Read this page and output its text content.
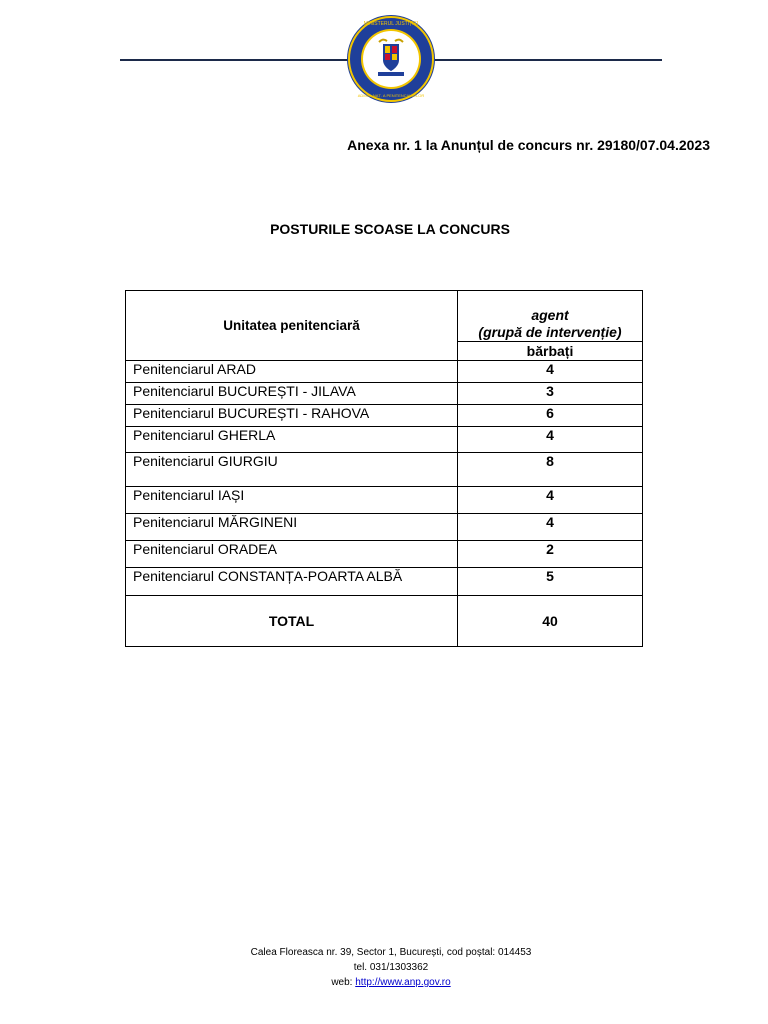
MINISTERUL JUSTIȚIEI
ADMIN. NAȚ. A PENITENCIARELOR
Anexa nr. 1 la Anunțul de concurs nr. 29180/07.04.2023
POSTURILE SCOASE LA CONCURS
Unitatea penitenciară	agent
(grupă de intervenție)

	bărbați
Penitenciarul ARAD	4
Penitenciarul BUCUREȘTI - JILAVA	3
Penitenciarul BUCUREȘTI - RAHOVA	6
Penitenciarul GHERLA	4
Penitenciarul GIURGIU	8
Penitenciarul IAȘI	4
Penitenciarul MĂRGINENI	4
Penitenciarul ORADEA	2
Penitenciarul CONSTANȚA-POARTA ALBĂ	5
TOTAL	40
Calea Floreasca nr. 39, Sector 1, București, cod poștal: 014453
tel. 031/1303362
web: http://www.anp.gov.ro
